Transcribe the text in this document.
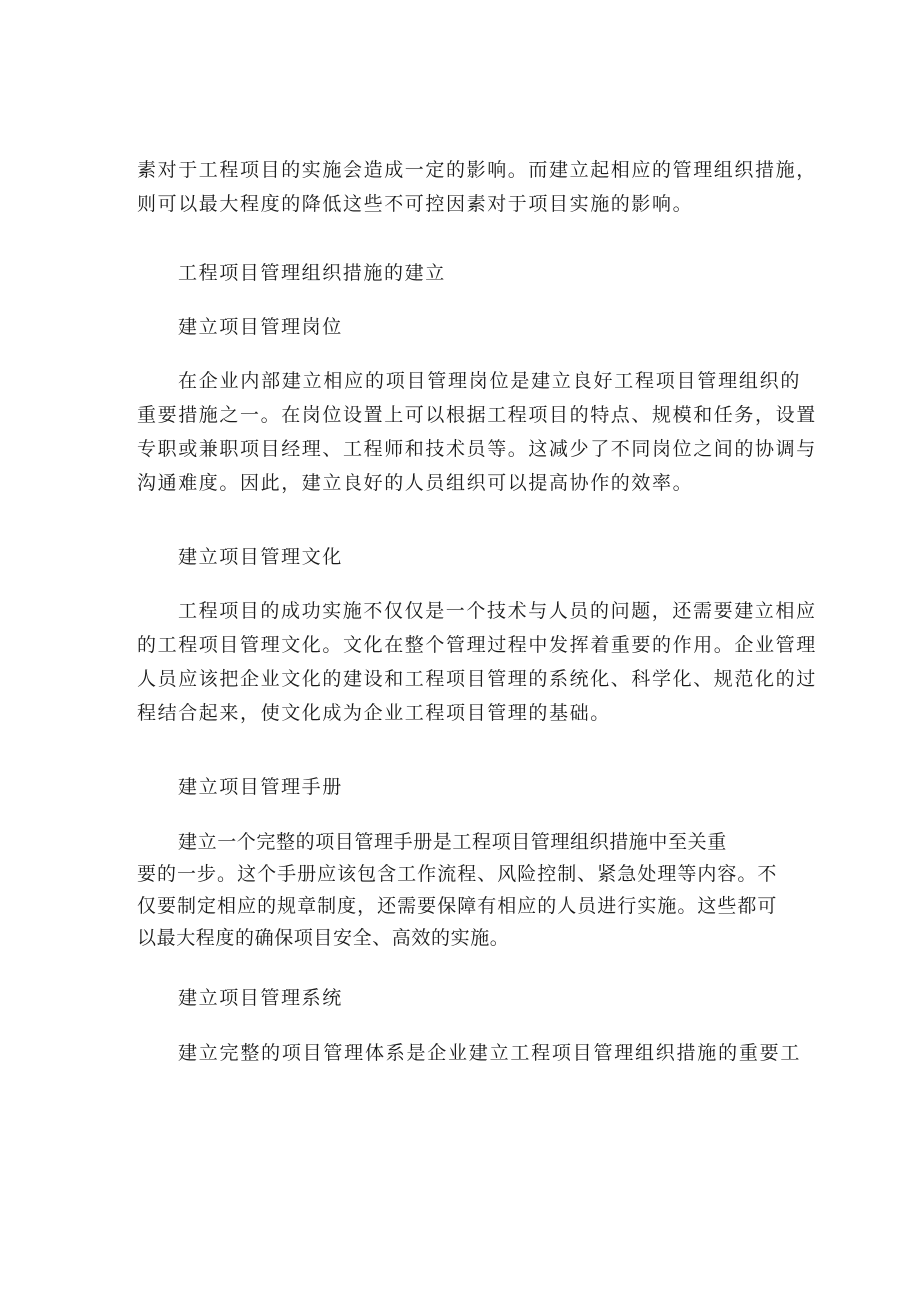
素对于工程项目的实施会造成一定的影响。而建立起相应的管理组织措施，
则可以最大程度的降低这些不可控因素对于项目实施的影响。

工程项目管理组织措施的建立

建立项目管理岗位

在企业内部建立相应的项目管理岗位是建立良好工程项目管理组织的
重要措施之一。在岗位设置上可以根据工程项目的特点、规模和任务，设置
专职或兼职项目经理、工程师和技术员等。这减少了不同岗位之间的协调与
沟通难度。因此，建立良好的人员组织可以提高协作的效率。

建立项目管理文化

工程项目的成功实施不仅仅是一个技术与人员的问题，还需要建立相应
的工程项目管理文化。文化在整个管理过程中发挥着重要的作用。企业管理
人员应该把企业文化的建设和工程项目管理的系统化、科学化、规范化的过
程结合起来，使文化成为企业工程项目管理的基础。

建立项目管理手册

建立一个完整的项目管理手册是工程项目管理组织措施中至关重
要的一步。这个手册应该包含工作流程、风险控制、紧急处理等内容。不
仅要制定相应的规章制度，还需要保障有相应的人员进行实施。这些都可
以最大程度的确保项目安全、高效的实施。

建立项目管理系统

建立完整的项目管理体系是企业建立工程项目管理组织措施的重要工
